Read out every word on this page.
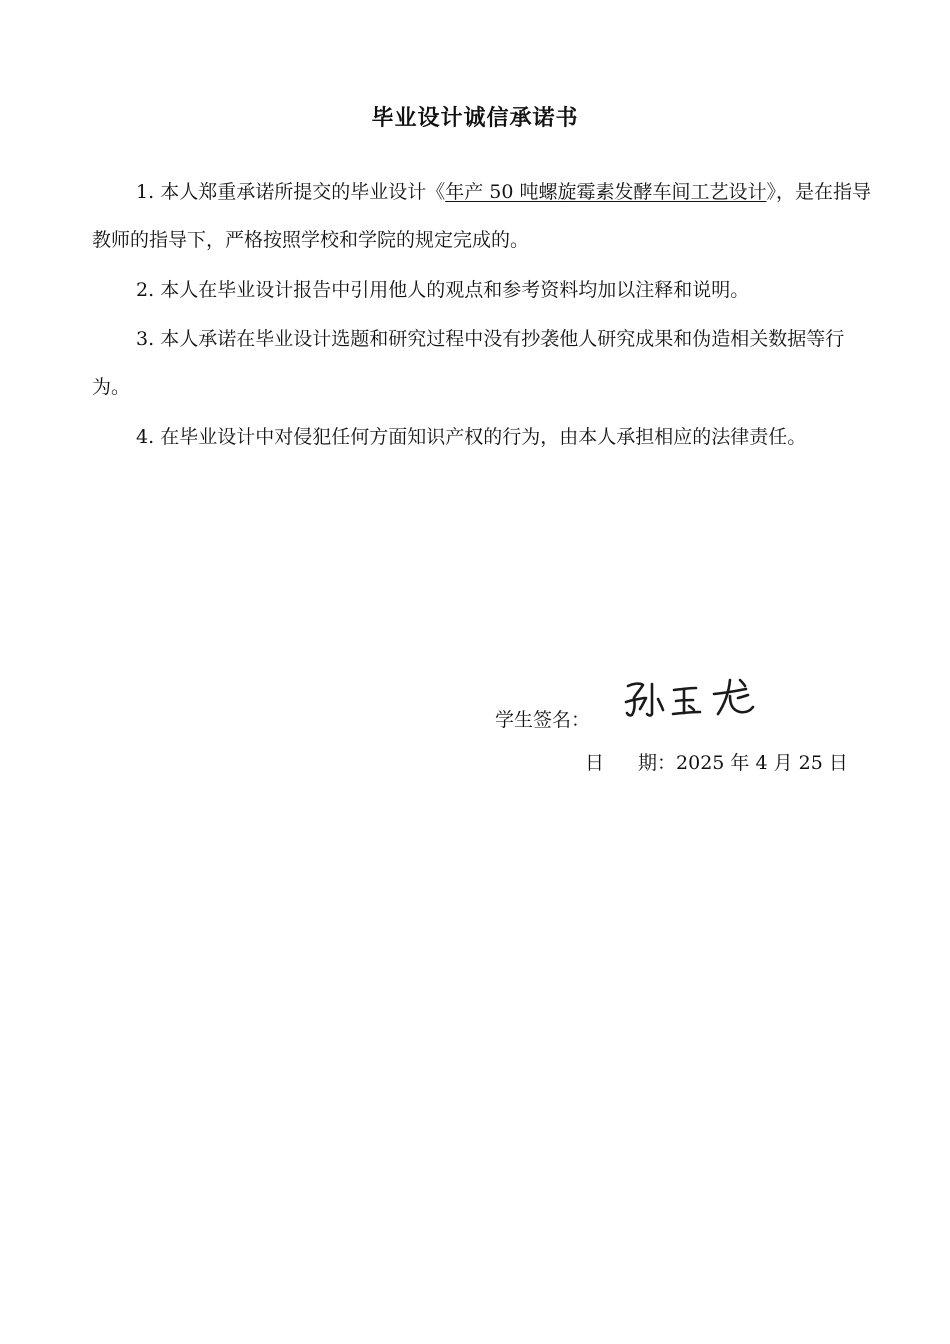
毕业设计诚信承诺书
1. 本人郑重承诺所提交的毕业设计《年产 50 吨螺旋霉素发酵车间工艺设计》，是在指导教师的指导下，严格按照学校和学院的规定完成的。
2. 本人在毕业设计报告中引用他人的观点和参考资料均加以注释和说明。
3. 本人承诺在毕业设计选题和研究过程中没有抄袭他人研究成果和伪造相关数据等行为。
4. 在毕业设计中对侵犯任何方面知识产权的行为，由本人承担相应的法律责任。
学生签名：
日 期：2025 年 4 月 25 日
